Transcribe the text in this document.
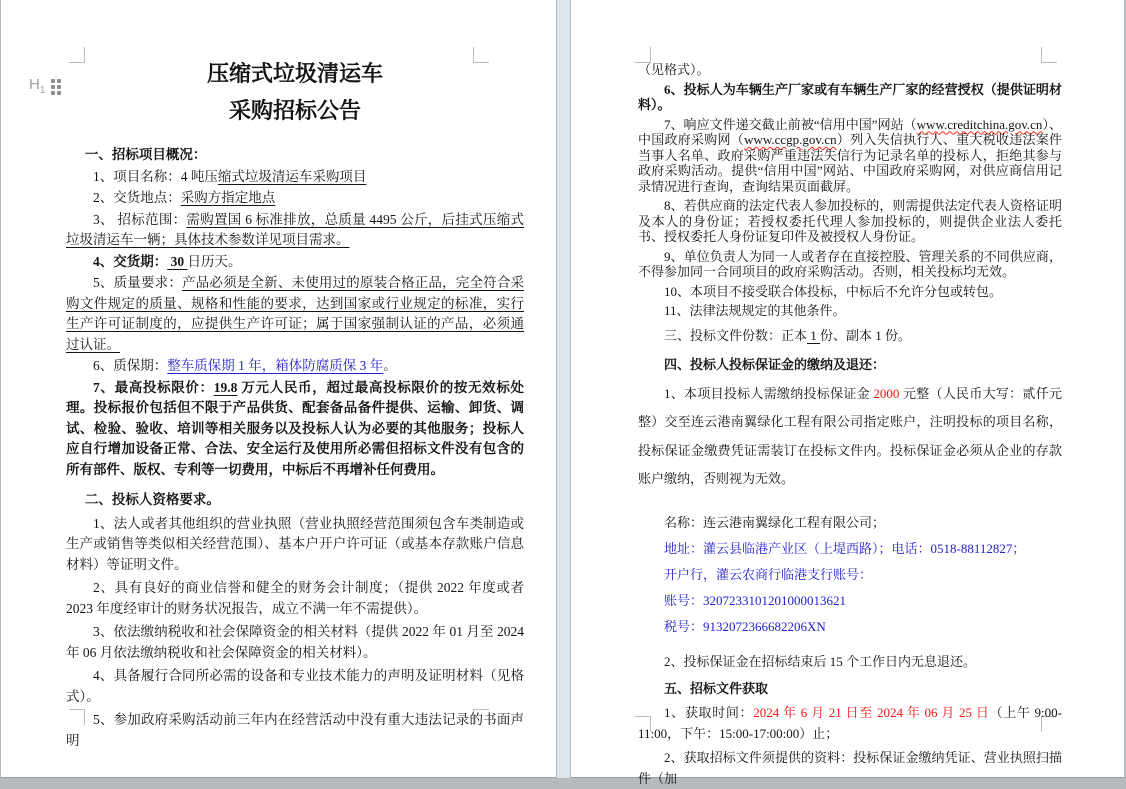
$H_1$

压缩式垃圾清运车

采购招标公告

一、招标项目概况：

1、项目名称：4 吨压缩式垃圾清运车采购项目

2、交货地点：采购方指定地点

3、 招标范围：需购置国 6 标准排放，总质量 4495 公斤，后挂式压缩式垃圾清运车一辆；具体技术参数详见项目需求。

4、交货期： 30 日历天。

5、质量要求：产品必须是全新、未使用过的原装合格正品，完全符合采购文件规定的质量、规格和性能的要求，达到国家或行业规定的标准，实行生产许可证制度的，应提供生产许可证；属于国家强制认证的产品，必须通过认证。

6、质保期：整车质保期 1 年，箱体防腐质保 3 年。

7、最高投标限价：19.8 万元人民币，超过最高投标限价的按无效标处理。投标报价包括但不限于产品供货、配套备品备件提供、运输、卸货、调试、检验、验收、培训等相关服务以及投标人认为必要的其他服务；投标人应自行增加设备正常、合法、安全运行及使用所必需但招标文件没有包含的所有部件、版权、专利等一切费用，中标后不再增补任何费用。

二、投标人资格要求。

1、法人或者其他组织的营业执照（营业执照经营范围须包含车类制造或生产或销售等类似相关经营范围）、基本户开户许可证（或基本存款账户信息材料）等证明文件。

2、具有良好的商业信誉和健全的财务会计制度；（提供 2022 年度或者 2023 年度经审计的财务状况报告，成立不满一年不需提供）。

3、依法缴纳税收和社会保障资金的相关材料（提供 2022 年 01 月至 2024 年 06 月依法缴纳税收和社会保障资金的相关材料）。

4、具备履行合同所必需的设备和专业技术能力的声明及证明材料（见格式）。

5、参加政府采购活动前三年内在经营活动中没有重大违法记录的书面声明

（见格式）。

6、投标人为车辆生产厂家或有车辆生产厂家的经营授权（提供证明材料）。

7、响应文件递交截止前被“信用中国”网站（www.creditchina.gov.cn）、中国政府采购网（www.ccgp.gov.cn）列入失信执行人、重大税收违法案件当事人名单、政府采购严重违法失信行为记录名单的投标人，拒绝其参与政府采购活动。提供“信用中国”网站、中国政府采购网，对供应商信用记录情况进行查询，查询结果页面截屏。

8、若供应商的法定代表人参加投标的，则需提供法定代表人资格证明及本人的身份证；若授权委托代理人参加投标的，则提供企业法人委托书、授权委托人身份证复印件及被授权人身份证。

9、单位负责人为同一人或者存在直接控股、管理关系的不同供应商，不得参加同一合同项目的政府采购活动。否则，相关投标均无效。

10、本项目不接受联合体投标，中标后不允许分包或转包。

11、法律法规规定的其他条件。

三、投标文件份数：正本 1 份、副本 1 份。

四、投标人投标保证金的缴纳及退还：

1、本项目投标人需缴纳投标保证金 2000 元整（人民币大写：贰仟元整）交至连云港南翼绿化工程有限公司指定账户，注明投标的项目名称，投标保证金缴费凭证需装订在投标文件内。投标保证金必须从企业的存款账户缴纳，否则视为无效。

名称：连云港南翼绿化工程有限公司；

地址：灌云县临港产业区（上堤西路）；电话：0518-88112827；

开户行，灌云农商行临港支行账号：

账号：3207233101201000013621

税号：9132072366682206XN

2、投标保证金在招标结束后 15 个工作日内无息退还。

五、招标文件获取

1、获取时间：2024 年 6 月 21 日至 2024 年 06 月 25 日（上午 9:00-11:00，下午：15:00-17:00:00）止；

2、获取招标文件须提供的资料：投标保证金缴纳凭证、营业执照扫描件（加
